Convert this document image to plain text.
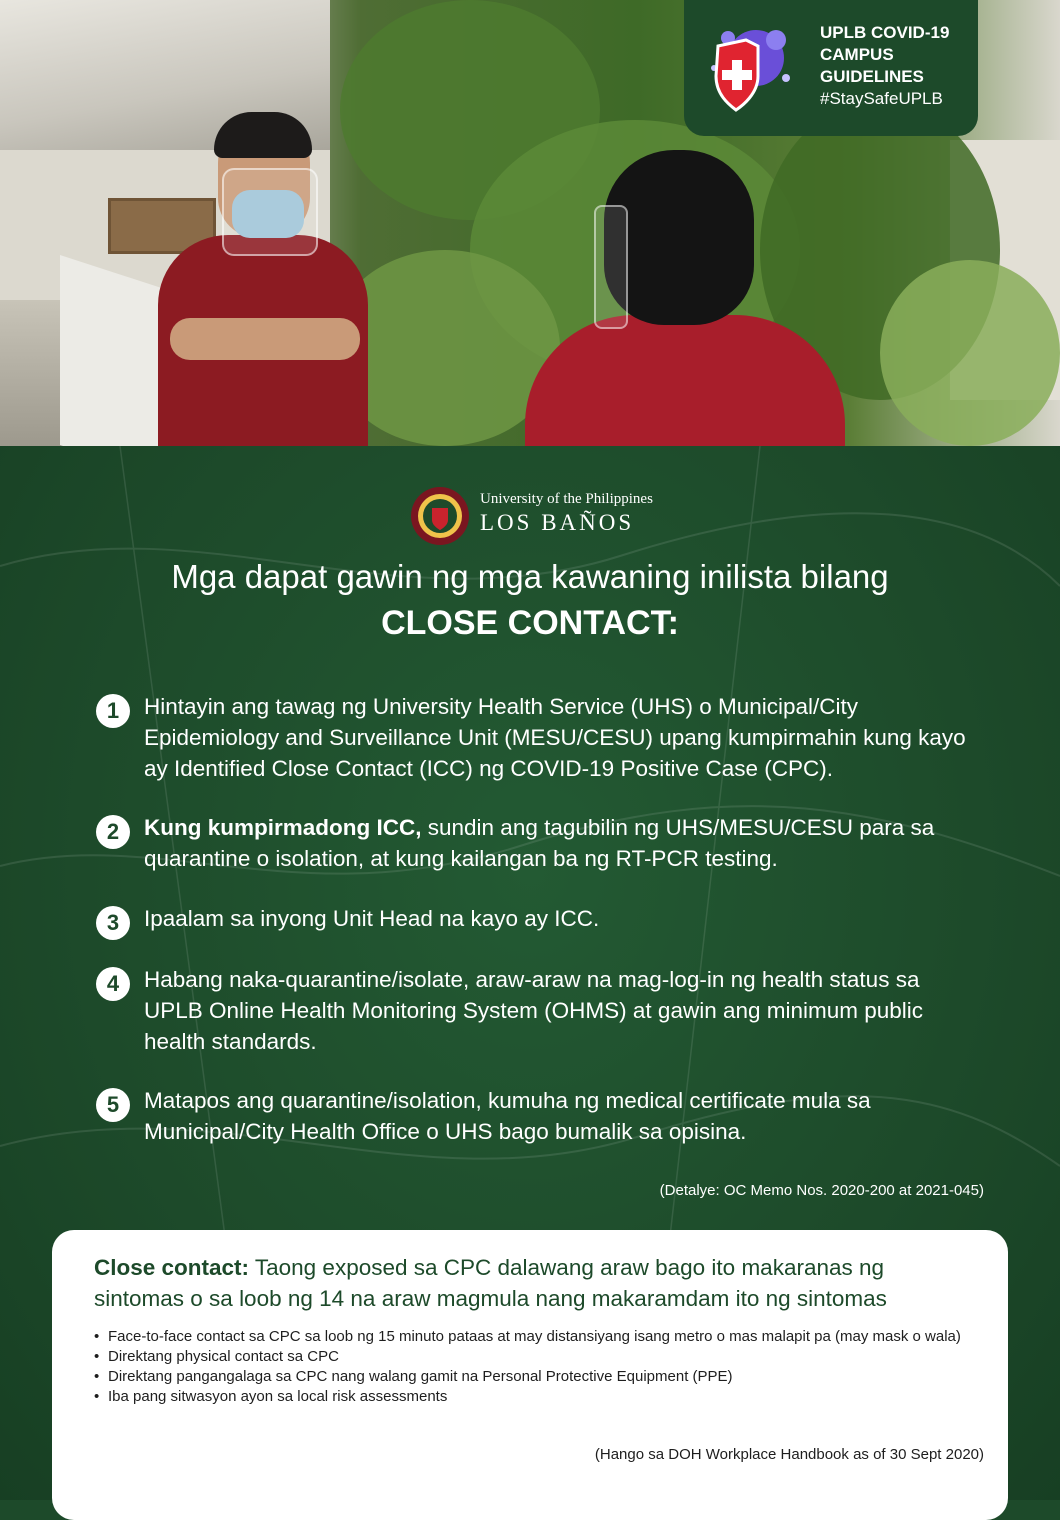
UPLB COVID-19
CAMPUS
GUIDELINES
#StaySafeUPLB
University of the Philippines
LOS BAÑOS
Mga dapat gawin ng mga kawaning inilista bilang
CLOSE CONTACT:
1	Hintayin ang tawag ng University Health Service (UHS) o Municipal/City Epidemiology and Surveillance Unit (MESU/CESU) upang kumpirmahin kung kayo ay Identified Close Contact (ICC) ng COVID-19 Positive Case (CPC).
2	Kung kumpirmadong ICC, sundin ang tagubilin ng UHS/MESU/CESU para sa quarantine o isolation, at kung kailangan ba ng RT-PCR testing.
3	Ipaalam sa inyong Unit Head na kayo ay ICC.
4	Habang naka-quarantine/isolate, araw-araw na mag-log-in ng health status sa UPLB Online Health Monitoring System (OHMS) at gawin ang minimum public health standards.
5	Matapos ang quarantine/isolation, kumuha ng medical certificate mula sa Municipal/City Health Office o UHS bago bumalik sa opisina.
(Detalye: OC Memo Nos. 2020-200 at 2021-045)
Close contact: Taong exposed sa CPC dalawang araw bago ito makaranas ng sintomas o sa loob ng 14 na araw magmula nang makaramdam ito ng sintomas
• Face-to-face contact sa CPC sa loob ng 15 minuto pataas at may distansiyang isang metro o mas malapit pa (may mask o wala)
• Direktang physical contact sa CPC
• Direktang pangangalaga sa CPC nang walang gamit na Personal Protective Equipment (PPE)
• Iba pang sitwasyon ayon sa local risk assessments
(Hango sa DOH Workplace Handbook as of 30 Sept 2020)
